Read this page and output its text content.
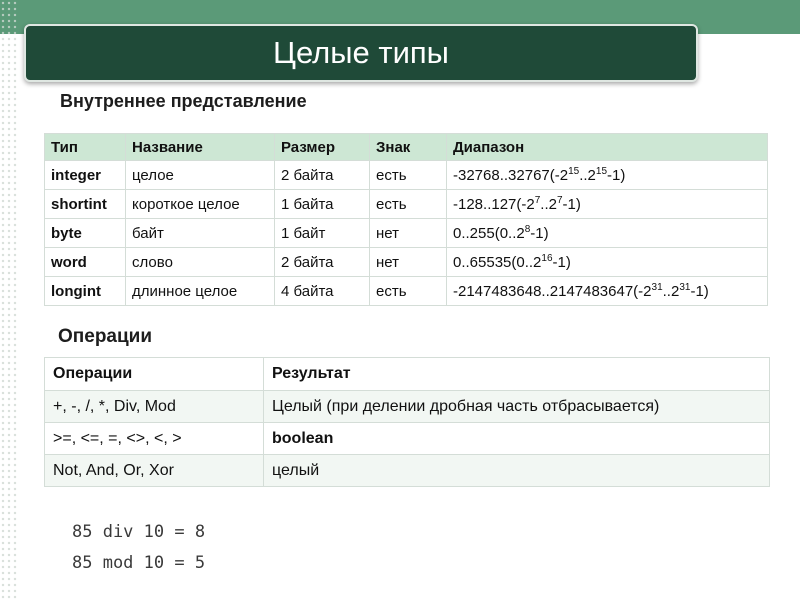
Целые типы
Внутреннее представление
Тип	Название	Размер	Знак	Диапазон
integer	целое	2 байта	есть	$-32768..32767(-2^{15}..2^{15}-1)$
shortint	короткое целое	1 байта	есть	$-128..127(-2^7..2^7-1)$
byte	байт	1 байт	нет	0..255(0..2$^8$-1)
word	слово	2 байта	нет	0..65535(0..2$^{16}$-1)
longint	длинное целое	4 байта	есть	$-2147483648..2147483647(-2^{31}..2^{31}-1)$
Операции
Операции	Результат
+, -, /, *, Div, Mod	Целый (при делении дробная часть отбрасывается)
>=, <=, =, <>, <, >	boolean
Not, And, Or, Xor	целый
85 div 10 = 8
85 mod 10 = 5
